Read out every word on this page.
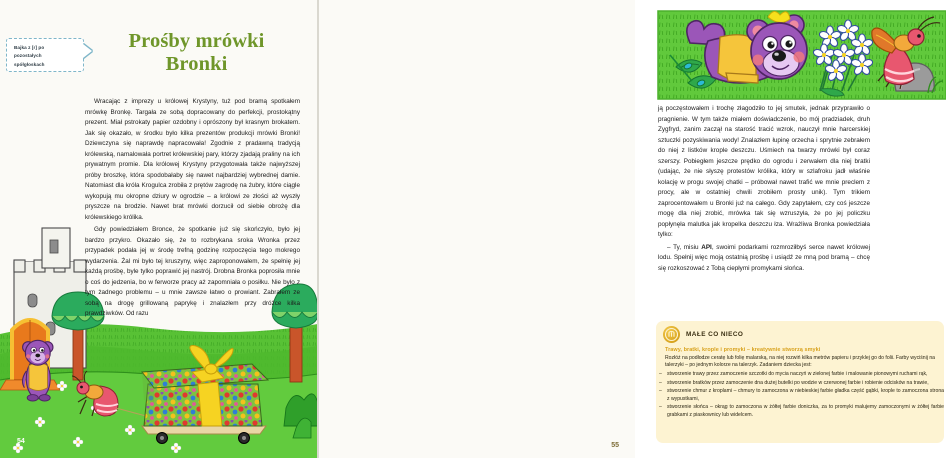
Bajka z [r] po
pozostałych
spółgłoskach
Prośby mrówki
Bronki

Wracając z imprezy u królowej Krystyny, tuż pod bramą spotkałem mrówkę Bronkę. Targała ze sobą dopracowany do perfekcji, prostokątny prezent. Miał pstrokaty papier ozdobny i oprószony był krasnym brokatem. Jak się okazało, w środku było kilka prezentów produkcji mrówki Bronki! Dziewczyna się naprawdę napracowała! Zgodnie z pradawną tradycją królewską, namalowała portret królewskiej pary, którzy zjadają praliny na ich prywatnym promie. Dla królowej Krystyny przygotowała także najwyższej próby broszkę, która spodobałaby się nawet najbardziej wybrednej damie. Natomiast dla króla Krogulca zrobiła z prętów zagrodę na żubry, które ciągle wykopują mu okropne dziury w ogrodzie – a królowi ze złości aż wyszły pryszcze na brodzie. Nawet brat mrówki dorzucił od siebie obrożę dla królewskiego królika.

Gdy powiedziałem Bronce, że spotkanie już się skończyło, było jej bardzo przykro. Okazało się, że to rozbrykana sroka Wronka przez przypadek podała jej w środę trefną godzinę rozpoczęcia tego mokrego wydarzenia. Żal mi było tej kruszyny, więc zaproponowałem, że spełnię jej każdą prośbę, byle tylko poprawić jej nastrój. Drobna Bronka poprosiła mnie o coś do jedzenia, bo w ferworze pracy aż zapomniała o posiłku. Nie było z tym żadnego problemu – u mnie zawsze łatwo o prowiant. Zabrałem ze sobą na drogę grillowaną paprykę i znalazłem przy dróżce kilka prawdziwków. Od razu

54

ją poczęstowałem i trochę złagodziło to jej smutek, jednak przyprawiło o pragnienie. W tym także miałem doświadczenie, bo mój pradziadek, druh Zygfryd, zanim zaczął na starość tracić wzrok, nauczył mnie harcerskiej sztuczki pozyskiwania wody! Znalazłem łupinę orzecha i sprytnie zebrałem do niej z listków krople deszczu. Uśmiech na twarzy mrówki był coraz szerszy. Pobiegłem jeszcze prędko do ogrodu i zerwałem dla niej bratki (udając, że nie słyszę protestów królika, który w szlafroku jadł właśnie kolację w progu swojej chatki – próbował nawet trafić we mnie preclem z procy, ale w ostatniej chwili zrobiłem prosty unik). Tym trikiem zaprocentowałem u Bronki już na całego. Gdy zapytałem, czy coś jeszcze mogę dla niej zrobić, mrówka tak się wzruszyła, że po jej policzku popłynęła malutka jak kropelka deszczu łza. Wrażliwa Bronka powiedziała tylko:

– Ty, misiu API, swoimi podarkami rozmroziłbyś serce nawet królowej lodu. Spełnij więc moją ostatnią prośbę i usiądź ze mną pod bramą – chcę się rozkoszować z Tobą ciepłymi promykami słońca.

MAŁE CO NIECO
Trawy, bratki, krople i promyki – kreatywnie stworzą smyki
Rozłóż na podłodze ceratę lub folię malarską, na niej rozwiń kilka metrów papieru i przyklej go do folii. Farby wyciśnij na talerzyki – po jednym kolorze na talerzyk. Zadaniem dziecka jest:
– stworzenie trawy przez zamoczenie szczotki do mycia naczyń w zielonej farbie i malowanie pionowymi ruchami rąk,
– stworzenie bratków przez zamoczenie dna dużej butelki po wodzie w czerwonej farbie i robienie odcisków na trawie,
– stworzenie chmur z kroplami – chmury to zamoczona w niebieskiej farbie gładka część gąbki, krople to zamoczona strona z wypustkami,
– stworzenie słońca – okrąg to zamoczona w żółtej farbie doniczka, za to promyki malujemy zamoczonymi w żółtej farbie grabkami z piaskownicy lub widelcem.
55
